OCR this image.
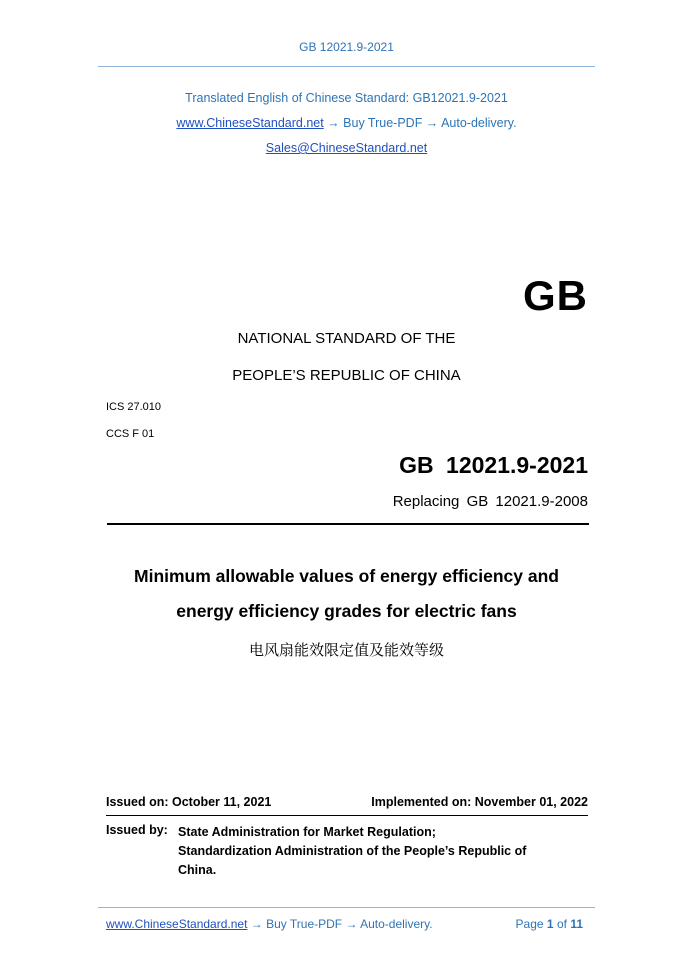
GB 12021.9-2021
Translated English of Chinese Standard: GB12021.9-2021
www.ChineseStandard.net → Buy True-PDF → Auto-delivery.
Sales@ChineseStandard.net
GB
NATIONAL STANDARD OF THE
PEOPLE’S REPUBLIC OF CHINA
ICS 27.010
CCS F 01
GB 12021.9-2021
Replacing GB 12021.9-2008
Minimum allowable values of energy efficiency and
energy efficiency grades for electric fans
电风扇能效限定值及能效等级
Issued on: October 11, 2021	Implemented on: November 01, 2022
Issued by: State Administration for Market Regulation;
Standardization Administration of the People’s Republic of
China.
www.ChineseStandard.net → Buy True-PDF → Auto-delivery.	Page 1 of 11
